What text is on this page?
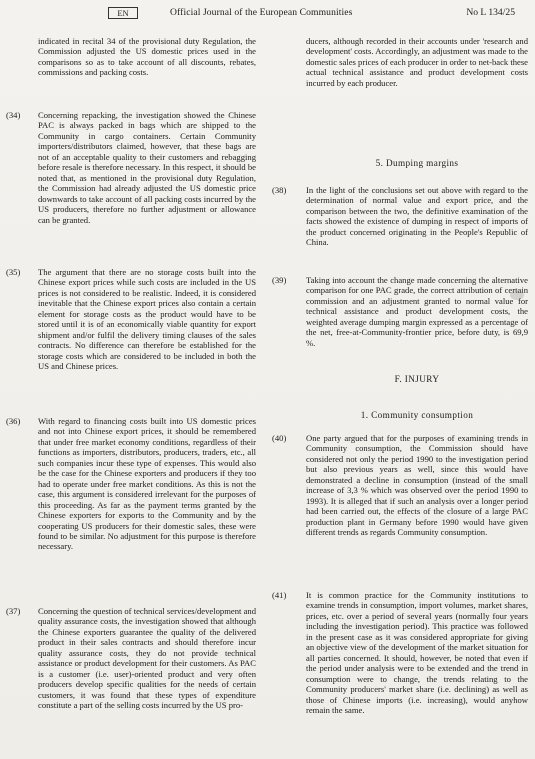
EN	Official Journal of the European Communities	No L 134/25
indicated in recital 34 of the provisional duty Regulation, the Commission adjusted the US domestic prices used in the comparisons so as to take account of all discounts, rebates, commissions and packing costs.
(34) Concerning repacking, the investigation showed the Chinese PAC is always packed in bags which are shipped to the Community in cargo containers. Certain Community importers/distributors claimed, however, that these bags are not of an acceptable quality to their customers and rebagging before resale is therefore necessary. In this respect, it should be noted that, as mentioned in the provisional duty Regulation, the Commission had already adjusted the US domestic price downwards to take account of all packing costs incurred by the US producers, therefore no further adjustment or allowance can be granted.
(35) The argument that there are no storage costs built into the Chinese export prices while such costs are included in the US prices is not considered to be realistic. Indeed, it is considered inevitable that the Chinese export prices also contain a certain element for storage costs as the product would have to be stored until it is of an economically viable quantity for export shipment and/or fulfil the delivery timing clauses of the sales contracts. No difference can therefore be established for the storage costs which are considered to be included in both the US and Chinese prices.
(36) With regard to financing costs built into US domestic prices and not into Chinese export prices, it should be remembered that under free market economy conditions, regardless of their functions as importers, distributors, producers, traders, etc., all such companies incur these type of expenses. This would also be the case for the Chinese exporters and producers if they too had to operate under free market conditions. As this is not the case, this argument is considered irrelevant for the purposes of this proceeding. As far as the payment terms granted by the Chinese exporters for exports to the Community and by the cooperating US producers for their domestic sales, these were found to be similar. No adjustment for this purpose is therefore necessary.
(37) Concerning the question of technical services/development and quality assurance costs, the investigation showed that although the Chinese exporters guarantee the quality of the delivered product in their sales contracts and should therefore incur quality assurance costs, they do not provide technical assistance or product development for their customers. As PAC is a customer (i.e. user)-oriented product and very often producers develop specific qualities for the needs of certain customers, it was found that these types of expenditure constitute a part of the selling costs incurred by the US pro-
ducers, although recorded in their accounts under 'research and development' costs. Accordingly, an adjustment was made to the domestic sales prices of each producer in order to net-back these actual technical assistance and product development costs incurred by each producer.
5. Dumping margins
(38) In the light of the conclusions set out above with regard to the determination of normal value and export price, and the comparison between the two, the definitive examination of the facts showed the existence of dumping in respect of imports of the product concerned originating in the People's Republic of China.
(39) Taking into account the change made concerning the alternative comparison for one PAC grade, the correct attribution of certain commission and an adjustment granted to normal value for technical assistance and product development costs, the weighted average dumping margin expressed as a percentage of the net, free-at-Community-frontier price, before duty, is 69,9 %.
F. INJURY
1. Community consumption
(40) One party argued that for the purposes of examining trends in Community consumption, the Commission should have considered not only the period 1990 to the investigation period but also previous years as well, since this would have demonstrated a decline in consumption (instead of the small increase of 3,3 % which was observed over the period 1990 to 1993). It is alleged that if such an analysis over a longer period had been carried out, the effects of the closure of a large PAC production plant in Germany before 1990 would have given different trends as regards Community consumption.
(41) It is common practice for the Community institutions to examine trends in consumption, import volumes, market shares, prices, etc. over a period of several years (normally four years including the investigation period). This practice was followed in the present case as it was considered appropriate for giving an objective view of the development of the market situation for all parties concerned. It should, however, be noted that even if the period under analysis were to be extended and the trend in consumption were to change, the trends relating to the Community producers' market share (i.e. declining) as well as those of Chinese imports (i.e. increasing), would anyhow remain the same.
